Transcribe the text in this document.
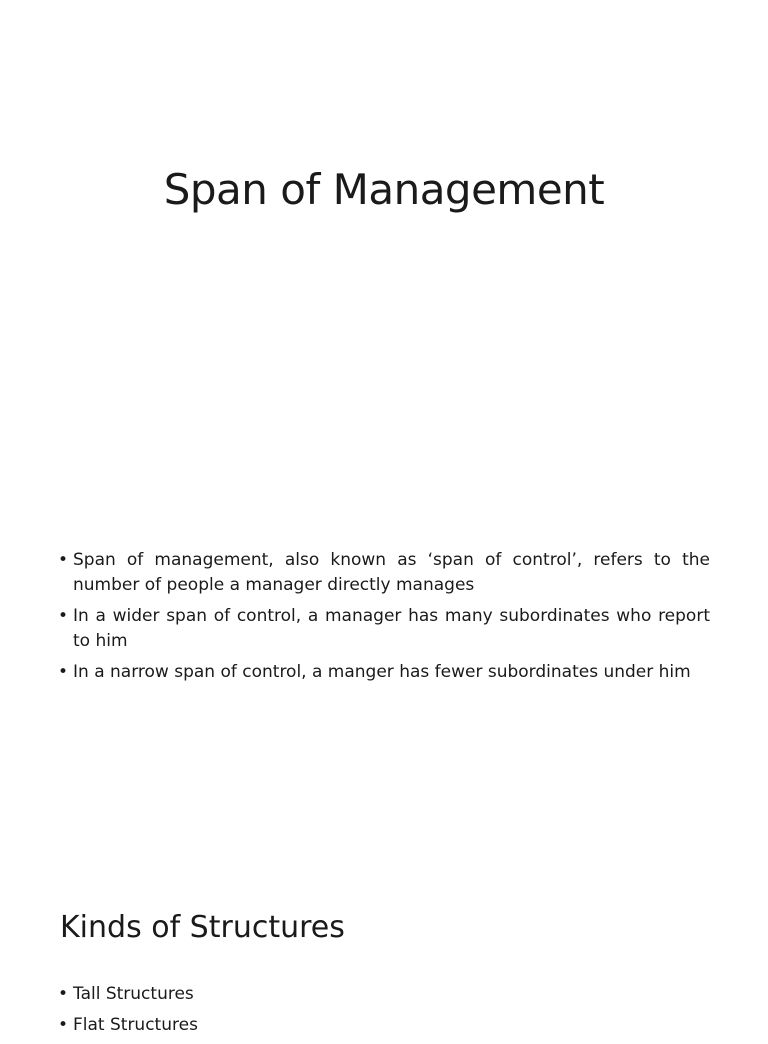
Span of Management
• Span of management, also known as ‘span of control’, refers to the number of people a manager directly manages
• In a wider span of control, a manager has many subordinates who report to him
• In a narrow span of control, a manger has fewer subordinates under him
Kinds of Structures
• Tall Structures
• Flat Structures
